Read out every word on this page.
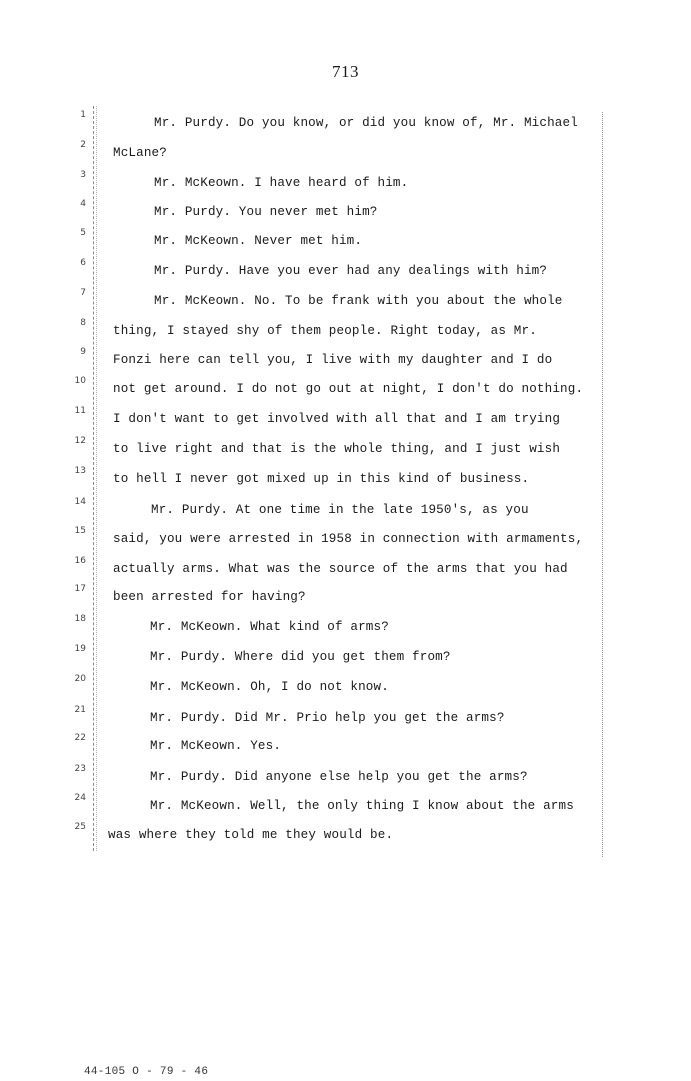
713
1
Mr. Purdy. Do you know, or did you know of, Mr. Michael
2
McLane?
3
Mr. McKeown. I have heard of him.
4
Mr. Purdy. You never met him?
5
Mr. McKeown. Never met him.
6
Mr. Purdy. Have you ever had any dealings with him?
7
Mr. McKeown. No. To be frank with you about the whole
8
thing, I stayed shy of them people. Right today, as Mr.
9
Fonzi here can tell you, I live with my daughter and I do
10
not get around. I do not go out at night, I don't do nothing.
11
I don't want to get involved with all that and I am trying
12
to live right and that is the whole thing, and I just wish
13
to hell I never got mixed up in this kind of business.
14
Mr. Purdy. At one time in the late 1950's, as you
15
said, you were arrested in 1958 in connection with armaments,
16
actually arms. What was the source of the arms that you had
17
been arrested for having?
18
Mr. McKeown. What kind of arms?
19
Mr. Purdy. Where did you get them from?
20
Mr. McKeown. Oh, I do not know.
21
Mr. Purdy. Did Mr. Prio help you get the arms?
22
Mr. McKeown. Yes.
23
Mr. Purdy. Did anyone else help you get the arms?
24
Mr. McKeown. Well, the only thing I know about the arms
25
was where they told me they would be.
44-105 O - 79 - 46
